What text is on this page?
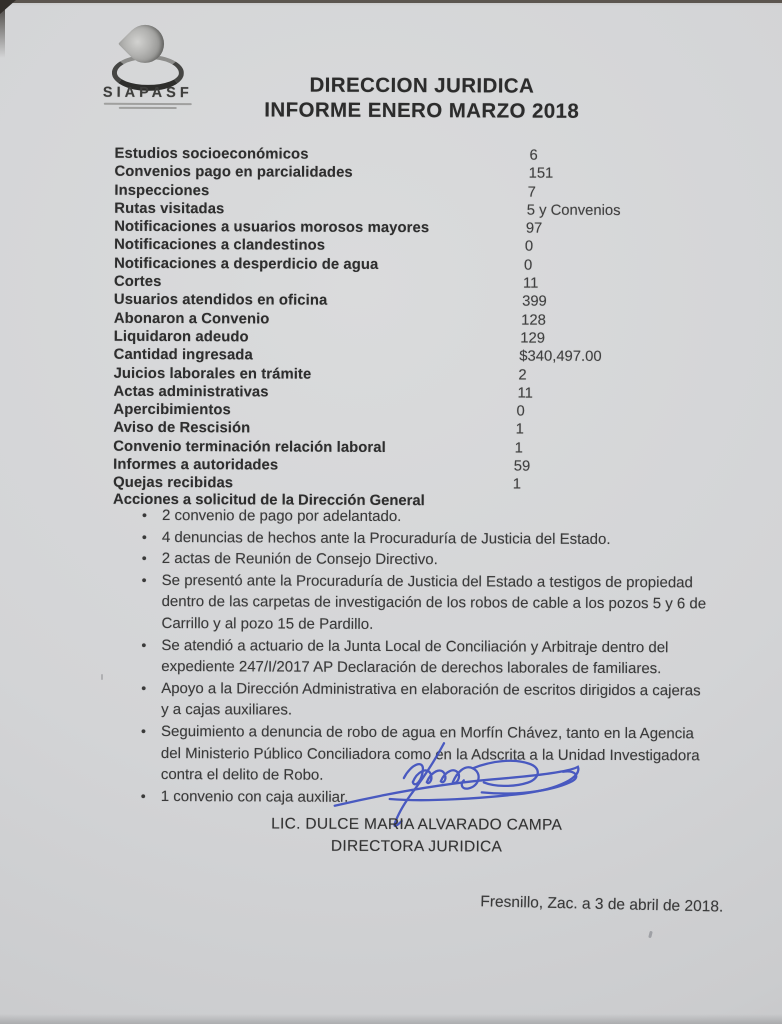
SIAPASF	DIRECCION JURIDICA
INFORME ENERO MARZO 2018
Estudios socioeconómicos	6
Convenios pago en parcialidades	151
Inspecciones	7
Rutas visitadas	5 y Convenios
Notificaciones a usuarios morosos mayores	97
Notificaciones a clandestinos	0
Notificaciones a desperdicio de agua	0
Cortes	11
Usuarios atendidos en oficina	399
Abonaron a Convenio	128
Liquidaron adeudo	129
Cantidad ingresada	$340,497.00
Juicios laborales en trámite	2
Actas administrativas	11
Apercibimientos	0
Aviso de Rescisión	1
Convenio terminación relación laboral	1
Informes a autoridades	59
Quejas recibidas	1
Acciones a solicitud de la Dirección General
• 2 convenio de pago por adelantado.
• 4 denuncias de hechos ante la Procuraduría de Justicia del Estado.
• 2 actas de Reunión de Consejo Directivo.
• Se presentó ante la Procuraduría de Justicia del Estado a testigos de propiedad
dentro de las carpetas de investigación de los robos de cable a los pozos 5 y 6 de
Carrillo y al pozo 15 de Pardillo.
• Se atendió a actuario de la Junta Local de Conciliación y Arbitraje dentro del
expediente 247/I/2017 AP Declaración de derechos laborales de familiares.
• Apoyo a la Dirección Administrativa en elaboración de escritos dirigidos a cajeras
y a cajas auxiliares.
• Seguimiento a denuncia de robo de agua en Morfín Chávez, tanto en la Agencia
del Ministerio Público Conciliadora como en la Adscrita a la Unidad Investigadora
contra el delito de Robo.
• 1 convenio con caja auxiliar.
LIC. DULCE MARIA ALVARADO CAMPA
DIRECTORA JURIDICA
Fresnillo, Zac. a 3 de abril de 2018.
